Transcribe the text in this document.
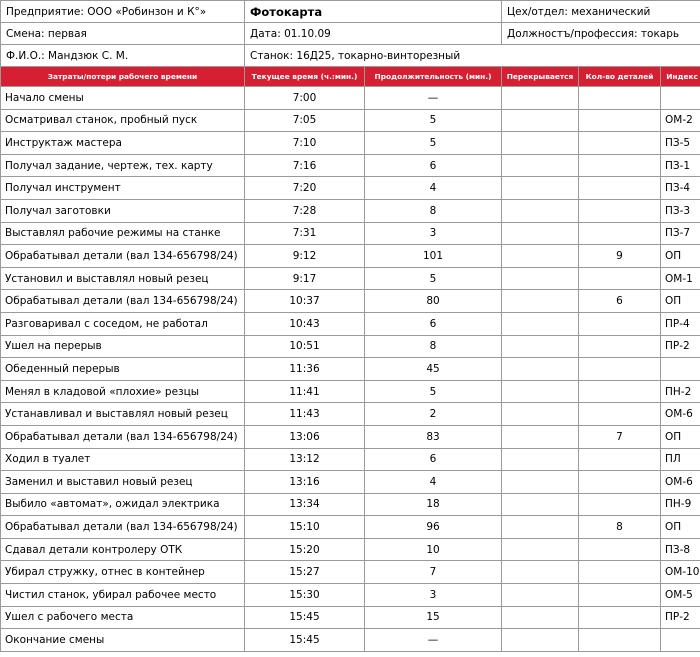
Предприятие: ООО «Робинзон и К°»	Фотокарта		Цех/отдел: механический		
Смена: первая	Дата: 01.10.09		Должностъ/профессия: токарь		
Ф.И.О.: Мандзюк С. М.	Станок: 16Д25, токарно-винторезный				
Затраты/потери рабочего времени	Текущее время (ч.:мин.)	Продолжительность (мин.)	Перекрывается	Кол-во деталей	Индекс
Начало смены	7:00	—			
Осматривал станок, пробный пуск	7:05	5			ОМ-2
Инструктаж мастера	7:10	5			ПЗ-5
Получал задание, чертеж, тех. карту	7:16	6			ПЗ-1
Получал инструмент	7:20	4			ПЗ-4
Получал заготовки	7:28	8			ПЗ-3
Выставлял рабочие режимы на станке	7:31	3			ПЗ-7
Обрабатывал детали (вал 134-656798/24)	9:12	101		9	ОП
Установил и выставлял новый резец	9:17	5			ОМ-1
Обрабатывал детали (вал 134-656798/24)	10:37	80		6	ОП
Разговаривал с соседом, не работал	10:43	6			ПР-4
Ушел на перерыв	10:51	8			ПР-2
Обеденный перерыв	11:36	45			
Менял в кладовой «плохие» резцы	11:41	5			ПН-2
Устанавливал и выставлял новый резец	11:43	2			ОМ-6
Обрабатывал детали (вал 134-656798/24)	13:06	83		7	ОП
Ходил в туалет	13:12	6			ПЛ
Заменил и выставил новый резец	13:16	4			ОМ-6
Выбило «автомат», ожидал электрика	13:34	18			ПН-9
Обрабатывал детали (вал 134-656798/24)	15:10	96		8	ОП
Сдавал детали контролеру ОТК	15:20	10			ПЗ-8
Убирал стружку, отнес в контейнер	15:27	7			ОМ-10
Чистил станок, убирал рабочее место	15:30	3			ОМ-5
Ушел с рабочего места	15:45	15			ПР-2
Окончание смены	15:45	—			
